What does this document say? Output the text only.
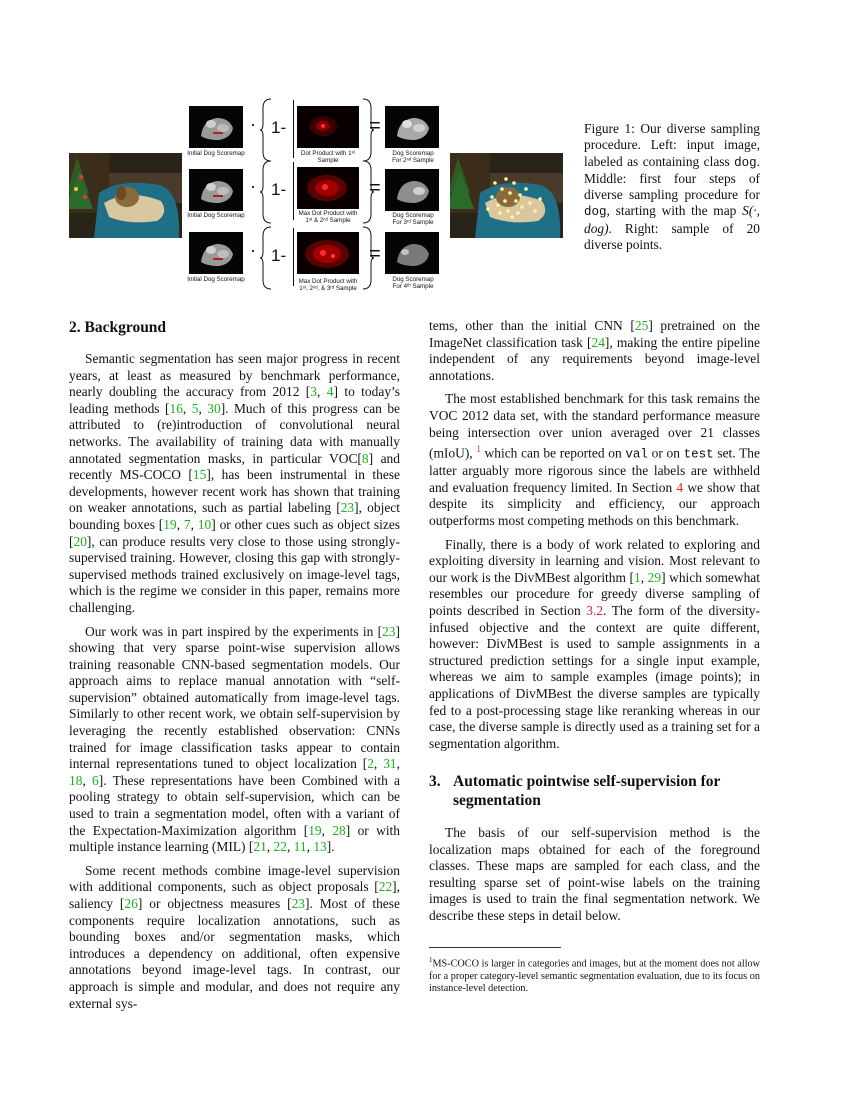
Initial Dog Scoremap
· 1-
Dot Product with 1ˢᵗ Sample
=
Dog Scoremap For 2ⁿᵈ Sample
Initial Dog Scoremap
· 1-
Max Dot Product with 1ˢᵗ & 2ⁿᵈ Sample
=
Dog Scoremap For 3ʳᵈ Sample
Initial Dog Scoremap
· 1-
Max Dot Product with 1ˢᵗ, 2ⁿᵈ, & 3ʳᵈ Sample
=
Dog Scoremap For 4ᵗʰ Sample
Figure 1: Our diverse sampling procedure. Left: input image, labeled as containing class dog. Middle: first four steps of diverse sampling procedure for dog, starting with the map S(·, dog). Right: sample of 20 diverse points.
2. Background

Semantic segmentation has seen major progress in recent years, at least as measured by benchmark performance, nearly doubling the accuracy from 2012 [3, 4] to today’s leading methods [16, 5, 30]. Much of this progress can be attributed to (re)introduction of convolutional neural networks. The availability of training data with manually annotated segmentation masks, in particular VOC[8] and recently MS-COCO [15], has been instrumental in these developments, however recent work has shown that training on weaker annotations, such as partial labeling [23], object bounding boxes [19, 7, 10] or other cues such as object sizes [20], can produce results very close to those using strongly-supervised training. However, closing this gap with strongly-supervised methods trained exclusively on image-level tags, which is the regime we consider in this paper, remains more challenging.

Our work was in part inspired by the experiments in [23] showing that very sparse point-wise supervision allows training reasonable CNN-based segmentation models. Our approach aims to replace manual annotation with “self-supervision” obtained automatically from image-level tags. Similarly to other recent work, we obtain self-supervision by leveraging the recently established observation: CNNs trained for image classification tasks appear to contain internal representations tuned to object localization [2, 31, 18, 6]. These representations have been Combined with a pooling strategy to obtain self-supervision, which can be used to train a segmentation model, often with a variant of the Expectation-Maximization algorithm [19, 28] or with multiple instance learning (MIL) [21, 22, 11, 13].

Some recent methods combine image-level supervision with additional components, such as object proposals [22], saliency [26] or objectness measures [23]. Most of these components require localization annotations, such as bounding boxes and/or segmentation masks, which introduces a dependency on additional, often expensive annotations beyond image-level tags. In contrast, our approach is simple and modular, and does not require any external sys-

tems, other than the initial CNN [25] pretrained on the ImageNet classification task [24], making the entire pipeline independent of any requirements beyond image-level annotations.

The most established benchmark for this task remains the VOC 2012 data set, with the standard performance measure being intersection over union averaged over 21 classes (mIoU), $^1$ which can be reported on val or on test set. The latter arguably more rigorous since the labels are withheld and evaluation frequency limited. In Section 4 we show that despite its simplicity and efficiency, our approach outperforms most competing methods on this benchmark.

Finally, there is a body of work related to exploring and exploiting diversity in learning and vision. Most relevant to our work is the DivMBest algorithm [1, 29] which somewhat resembles our procedure for greedy diverse sampling of points described in Section 3.2. The form of the diversity-infused objective and the context are quite different, however: DivMBest is used to sample assignments in a structured prediction settings for a single input example, whereas we aim to sample examples (image points); in applications of DivMBest the diverse samples are typically fed to a post-processing stage like reranking whereas in our case, the diverse sample is directly used as a training set for a segmentation algorithm.

3. Automatic pointwise self-supervision for segmentation

The basis of our self-supervision method is the localization maps obtained for each of the foreground classes. These maps are sampled for each class, and the resulting sparse set of point-wise labels on the training images is used to train the final segmentation network. We describe these steps in detail below.

$^1$MS-COCO is larger in categories and images, but at the moment does not allow for a proper category-level semantic segmentation evaluation, due to its focus on instance-level detection.
